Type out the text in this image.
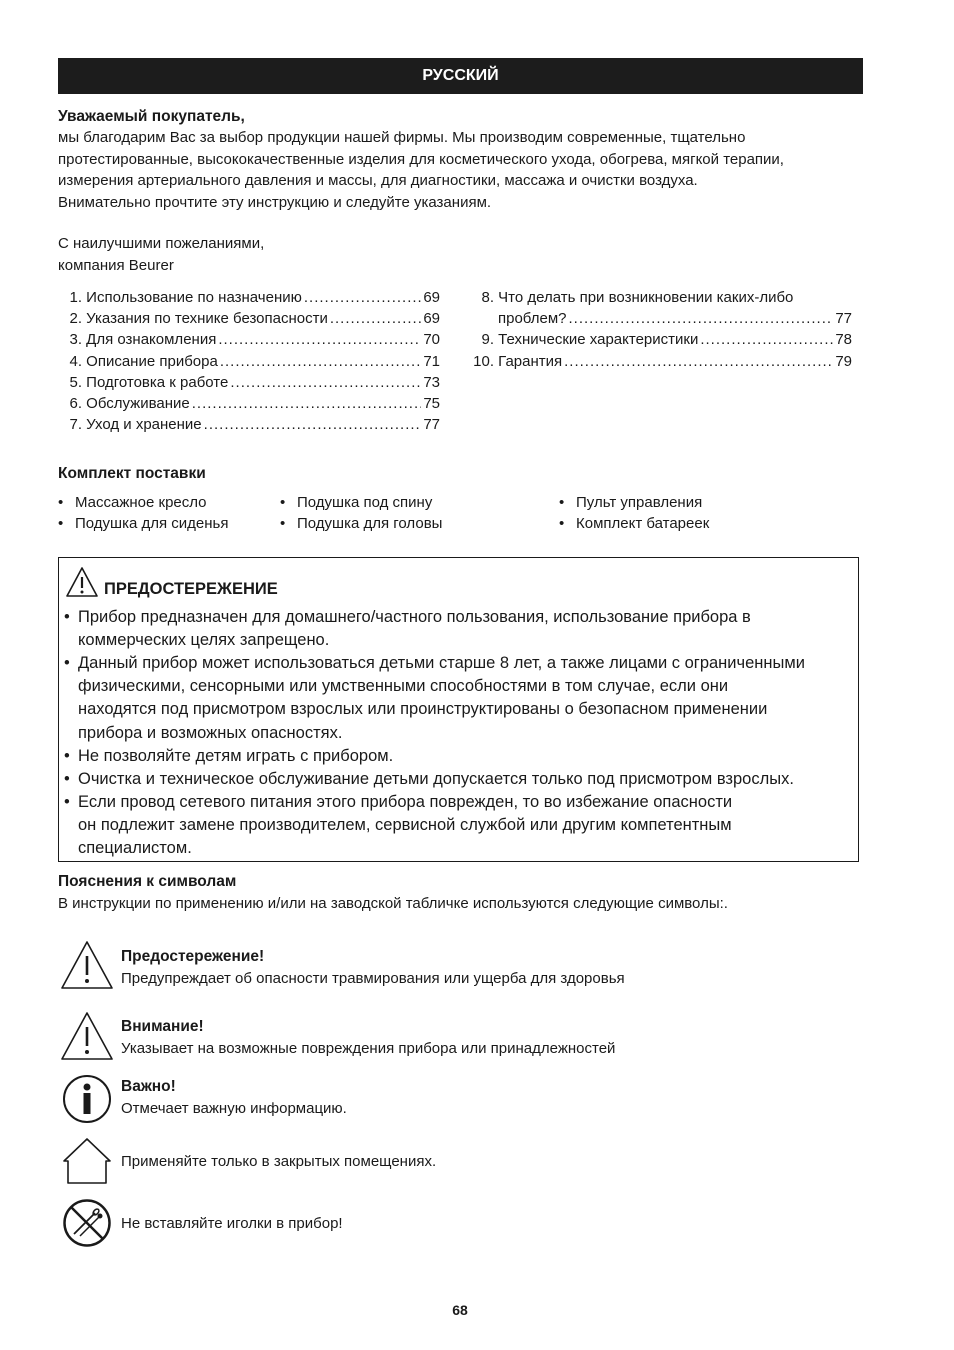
РУССКИЙ
Уважаемый покупатель,
мы благодарим Вас за выбор продукции нашей фирмы. Мы производим современные, тщательно
протестированные, высококачественные изделия для косметического ухода, обогрева, мягкой терапии,
измерения артериального давления и массы, для диагностики, массажа и очистки воздуха.
Внимательно прочтите эту инструкцию и следуйте указаниям.
С наилучшими пожеланиями,
компания Beurer
1.
Использование по назначению .....	69
2.
Указания по технике безопасности .....	69
3.
Для ознакомления .....	70
4.
Описание прибора .....	71
5.
Подготовка к работе .....	73
6.
Обслуживание .....	75
7.
Уход и хранение .....	77
8.
Что делать при возникновении каких-либо
проблем? .....	77
9.
Технические характеристики .....	78
10.
Гарантия .....	79
Комплект поставки
• Массажное кресло
• Подушка для сиденья
• Подушка под спину
• Подушка для головы
• Пульт управления
• Комплект батареек
ПРЕДОСТЕРЕЖЕНИЕ
• Прибор предназначен для домашнего/частного пользования, использование прибора в
коммерческих целях запрещено.
• Данный прибор может использоваться детьми старше 8 лет, а также лицами с ограниченными
физическими, сенсорными или умственными способностями в том случае, если они
находятся под присмотром взрослых или проинструктированы о безопасном применении
прибора и возможных опасностях.
• Не позволяйте детям играть с прибором.
• Очистка и техническое обслуживание детьми допускается только под присмотром взрослых.
• Если провод сетевого питания этого прибора поврежден, то во избежание опасности
он подлежит замене производителем, сервисной службой или другим компетентным
специалистом.
Пояснения к символам
В инструкции по применению и/или на заводской табличке используются следующие символы:.
Предостережение!
Предупреждает об опасности травмирования или ущерба для здоровья
Внимание!
Указывает на возможные повреждения прибора или принадлежностей
Важно!
Отмечает важную информацию.
Применяйте только в закрытых помещениях.
Не вставляйте иголки в прибор!
68
